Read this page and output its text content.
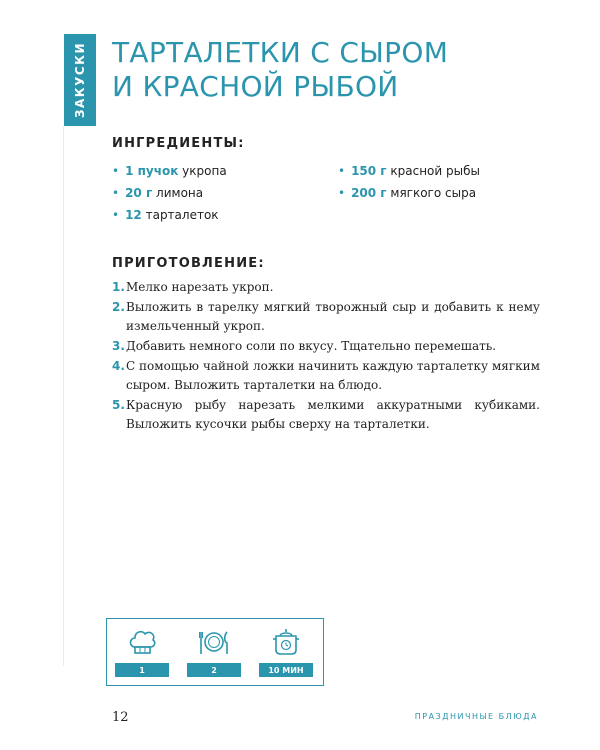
ЗАКУСКИ ТАРТАЛЕТКИ С СЫРОМ
И КРАСНОЙ РЫБОЙ
ИНГРЕДИЕНТЫ:
• 1 пучок укропа
• 20 г лимона
• 12 тарталеток
• 150 г красной рыбы
• 200 г мягкого сыра
ПРИГОТОВЛЕНИЕ:
1. Мелко нарезать укроп.
2. Выложить в тарелку мягкий творожный сыр и добавить к нему измельченный укроп.
3. Добавить немного соли по вкусу. Тщательно перемешать.
4. С помощью чайной ложки начинить каждую тарталетку мягким сыром. Выложить тарталетки на блюдо.
5. Красную рыбу нарезать мелкими аккуратными кубиками. Выложить кусочки рыбы сверху на тарталетки.
1	2	10 МИН
12	ПРАЗДНИЧНЫЕ БЛЮДА
